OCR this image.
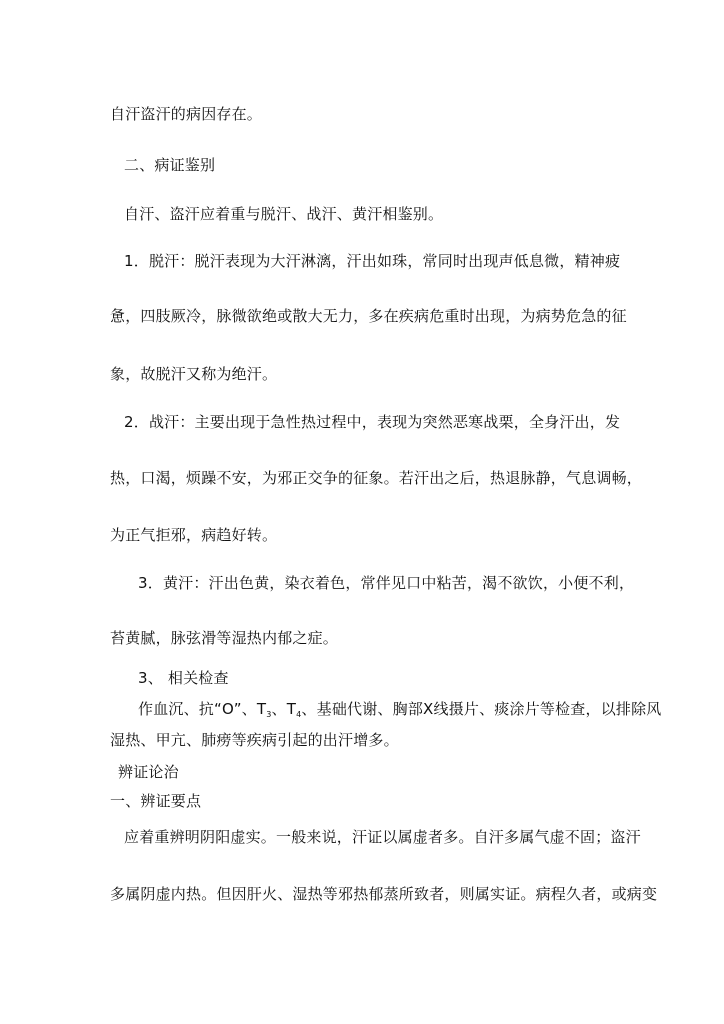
自汗盗汗的病因存在。
二、病证鉴别
自汗、盗汗应着重与脱汗、战汗、黄汗相鉴别。
1．脱汗：脱汗表现为大汗淋漓，汗出如珠，常同时出现声低息微，精神疲
惫，四肢厥冷，脉微欲绝或散大无力，多在疾病危重时出现，为病势危急的征
象，故脱汗又称为绝汗。
2．战汗：主要出现于急性热过程中，表现为突然恶寒战栗，全身汗出，发
热，口渴，烦躁不安，为邪正交争的征象。若汗出之后，热退脉静，气息调畅，
为正气拒邪，病趋好转。
3．黄汗：汗出色黄，染衣着色，常伴见口中粘苦，渴不欲饮，小便不利，
苔黄腻，脉弦滑等湿热内郁之症。
3、 相关检查
作血沉、抗“O”、$T_3$、$T_4$、基础代谢、胸部X线摄片、痰涂片等检查，以排除风
湿热、甲亢、肺痨等疾病引起的出汗增多。
辨证论治
一、辨证要点
应着重辨明阴阳虚实。一般来说，汗证以属虚者多。自汗多属气虚不固；盗汗
多属阴虚内热。但因肝火、湿热等邪热郁蒸所致者，则属实证。病程久者，或病变
